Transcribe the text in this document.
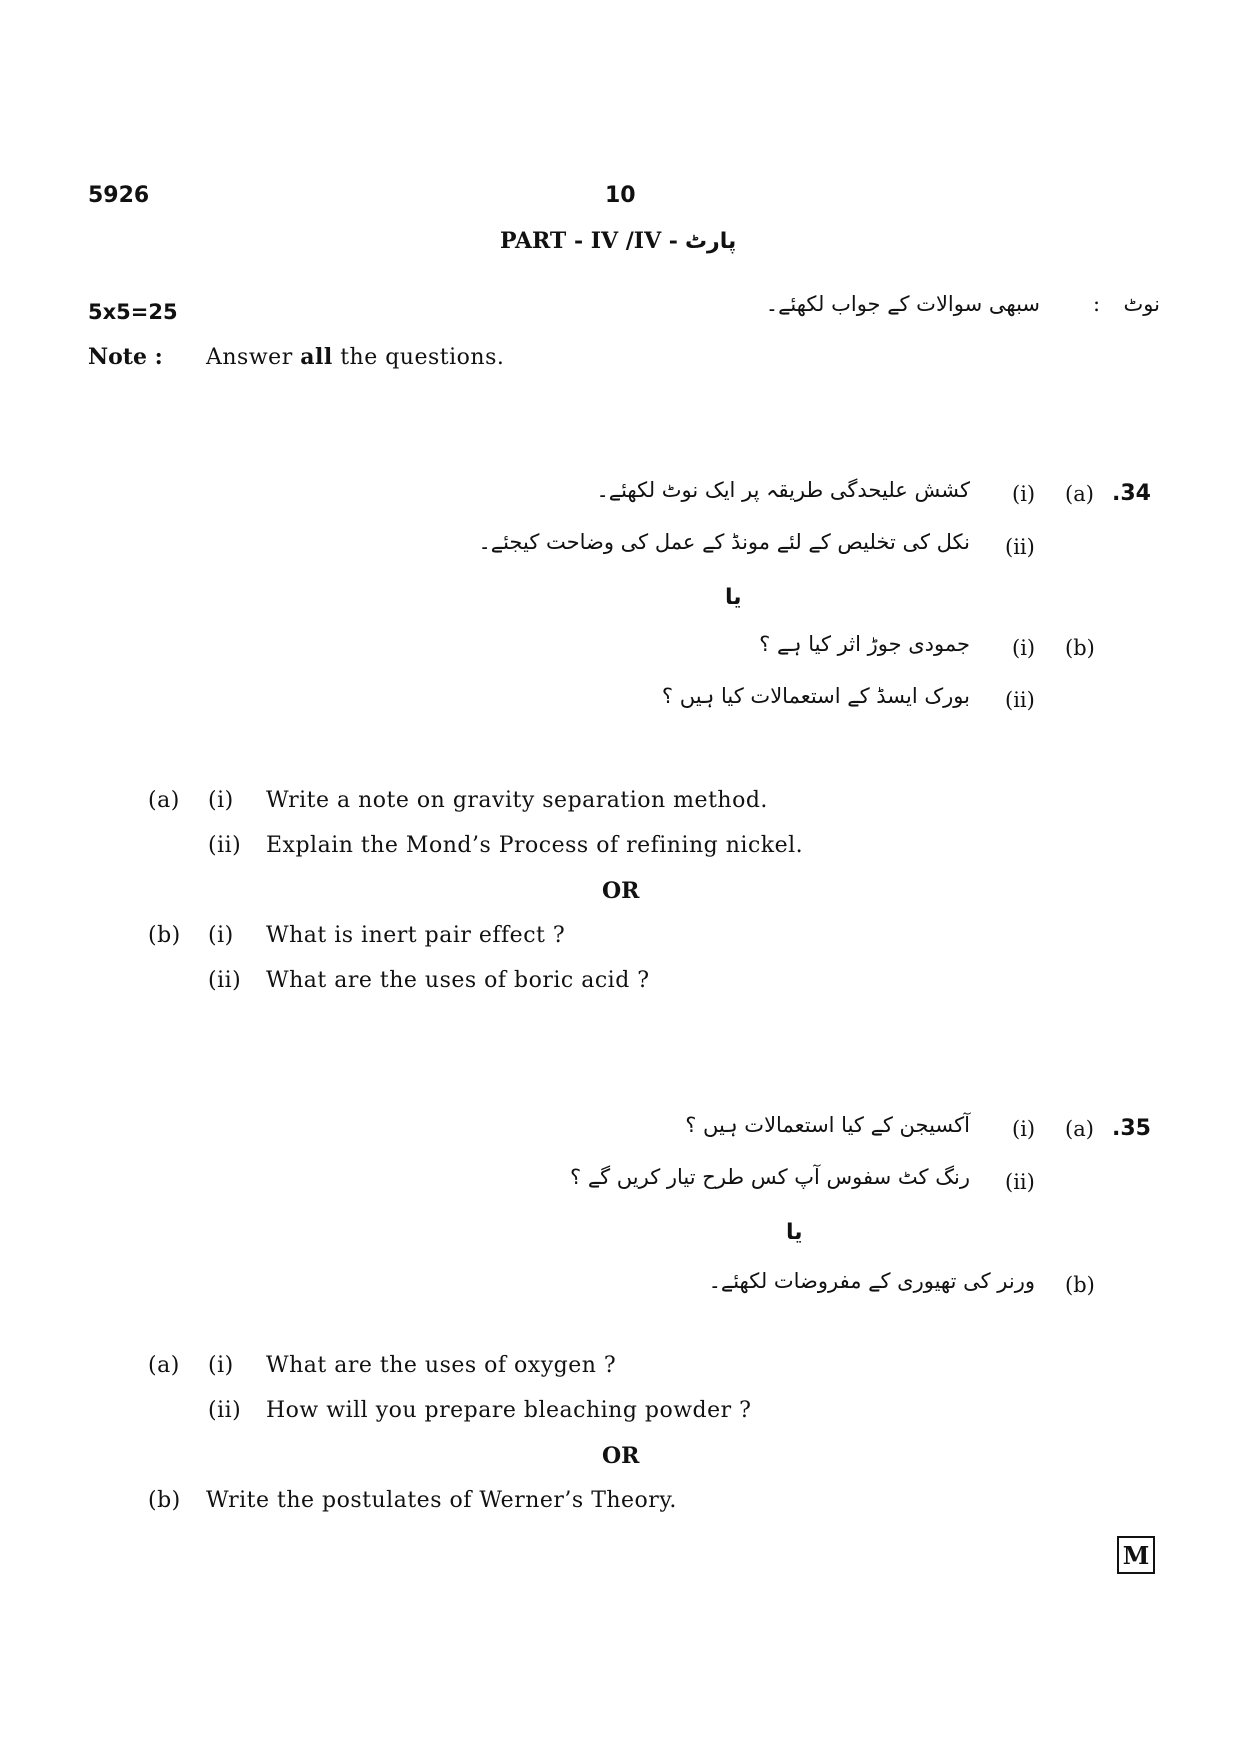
5926	10
PART - IV /IV - پارٹ
5x5=25
Note : Answer all the questions.
نوٹ
:
سبھی سوالات کے جواب لکھئے۔
.34
(a)
(i)
کشش علیحدگی طریقہ پر ایک نوٹ لکھئے۔
(ii)
نکل کی تخلیص کے لئے مونڈ کے عمل کی وضاحت کیجئے۔
یا
(b)
(i)
جمودی جوڑ اثر کیا ہے ؟
(ii)
بورک ایسڈ کے استعمالات کیا ہیں ؟
(a) (i) Write a note on gravity separation method.
(ii) Explain the Mond’s Process of refining nickel.
OR
(b) (i) What is inert pair effect ?
(ii) What are the uses of boric acid ?
.35
(a)
(i)
آکسیجن کے کیا استعمالات ہیں ؟
(ii)
رنگ کٹ سفوس آپ کس طرح تیار کریں گے ؟
یا
(b)
ورنر کی تھیوری کے مفروضات لکھئے۔
(a) (i) What are the uses of oxygen ?
(ii) How will you prepare bleaching powder ?
OR
(b) Write the postulates of Werner’s Theory.
M
